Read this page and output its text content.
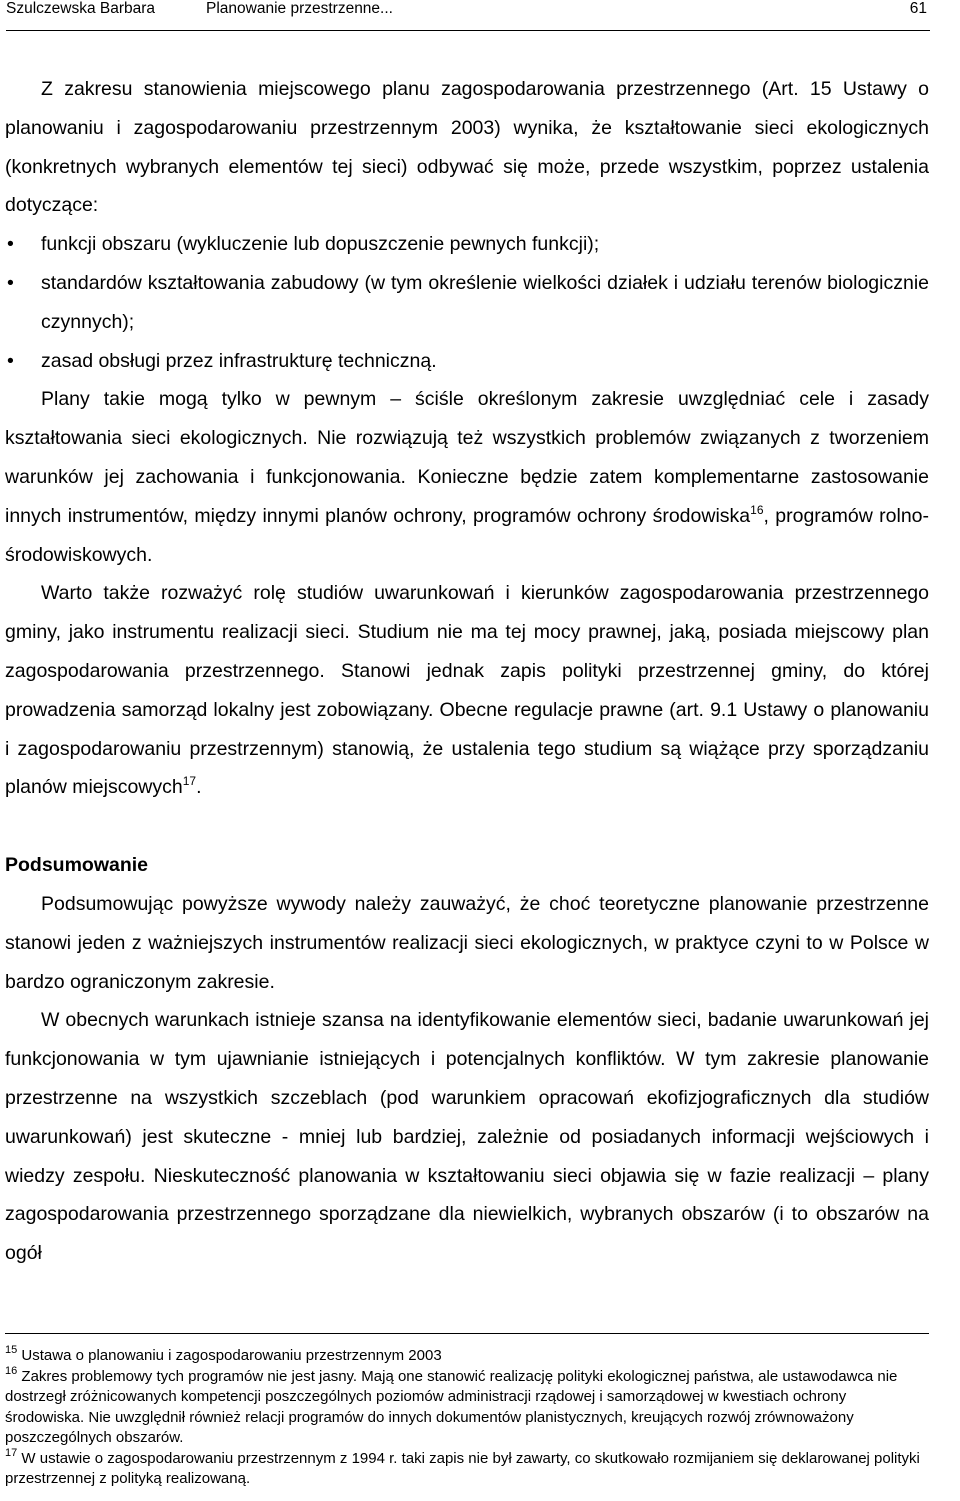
Szulczewska Barbara	Planowanie przestrzenne...	61

Z zakresu stanowienia miejscowego planu zagospodarowania przestrzennego (Art. 15 Ustawy o planowaniu i zagospodarowaniu przestrzennym 2003) wynika, że kształtowanie sieci ekologicznych (konkretnych wybranych elementów tej sieci) odbywać się może, przede wszystkim, poprzez ustalenia dotyczące:

• funkcji obszaru (wykluczenie lub dopuszczenie pewnych funkcji);
• standardów kształtowania zabudowy (w tym określenie wielkości działek i udziału terenów biologicznie czynnych);
• zasad obsługi przez infrastrukturę techniczną.

Plany takie mogą tylko w pewnym – ściśle określonym zakresie uwzględniać cele i zasady kształtowania sieci ekologicznych. Nie rozwiązują też wszystkich problemów związanych z tworzeniem warunków jej zachowania i funkcjonowania. Konieczne będzie zatem komplementarne zastosowanie innych instrumentów, między innymi planów ochrony, programów ochrony środowiska$^{16}$, programów rolno-środowiskowych.

Warto także rozważyć rolę studiów uwarunkowań i kierunków zagospodarowania przestrzennego gminy, jako instrumentu realizacji sieci. Studium nie ma tej mocy prawnej, jaką, posiada miejscowy plan zagospodarowania przestrzennego. Stanowi jednak zapis polityki przestrzennej gminy, do której prowadzenia samorząd lokalny jest zobowiązany. Obecne regulacje prawne (art. 9.1 Ustawy o planowaniu i zagospodarowaniu przestrzennym) stanowią, że ustalenia tego studium są wiążące przy sporządzaniu planów miejscowych$^{17}$.

Podsumowanie

Podsumowując powyższe wywody należy zauważyć, że choć teoretyczne planowanie przestrzenne stanowi jeden z ważniejszych instrumentów realizacji sieci ekologicznych, w praktyce czyni to w Polsce w bardzo ograniczonym zakresie.

W obecnych warunkach istnieje szansa na identyfikowanie elementów sieci, badanie uwarunkowań jej funkcjonowania w tym ujawnianie istniejących i potencjalnych konfliktów. W tym zakresie planowanie przestrzenne na wszystkich szczeblach (pod warunkiem opracowań ekofizjograficznych dla studiów uwarunkowań) jest skuteczne - mniej lub bardziej, zależnie od posiadanych informacji wejściowych i wiedzy zespołu. Nieskuteczność planowania w kształtowaniu sieci objawia się w fazie realizacji – plany zagospodarowania przestrzennego sporządzane dla niewielkich, wybranych obszarów (i to obszarów na ogół

$^{15}$ Ustawa o planowaniu i zagospodarowaniu przestrzennym 2003

$^{16}$ Zakres problemowy tych programów nie jest jasny. Mają one stanowić realizację polityki ekologicznej państwa, ale ustawodawca nie dostrzegł zróżnicowanych kompetencji poszczególnych poziomów administracji rządowej i samorządowej w kwestiach ochrony środowiska. Nie uwzględnił również relacji programów do innych dokumentów planistycznych, kreujących rozwój zrównoważony poszczególnych obszarów.

$^{17}$ W ustawie o zagospodarowaniu przestrzennym z 1994 r. taki zapis nie był zawarty, co skutkowało rozmijaniem się deklarowanej polityki przestrzennej z polityką realizowaną.
